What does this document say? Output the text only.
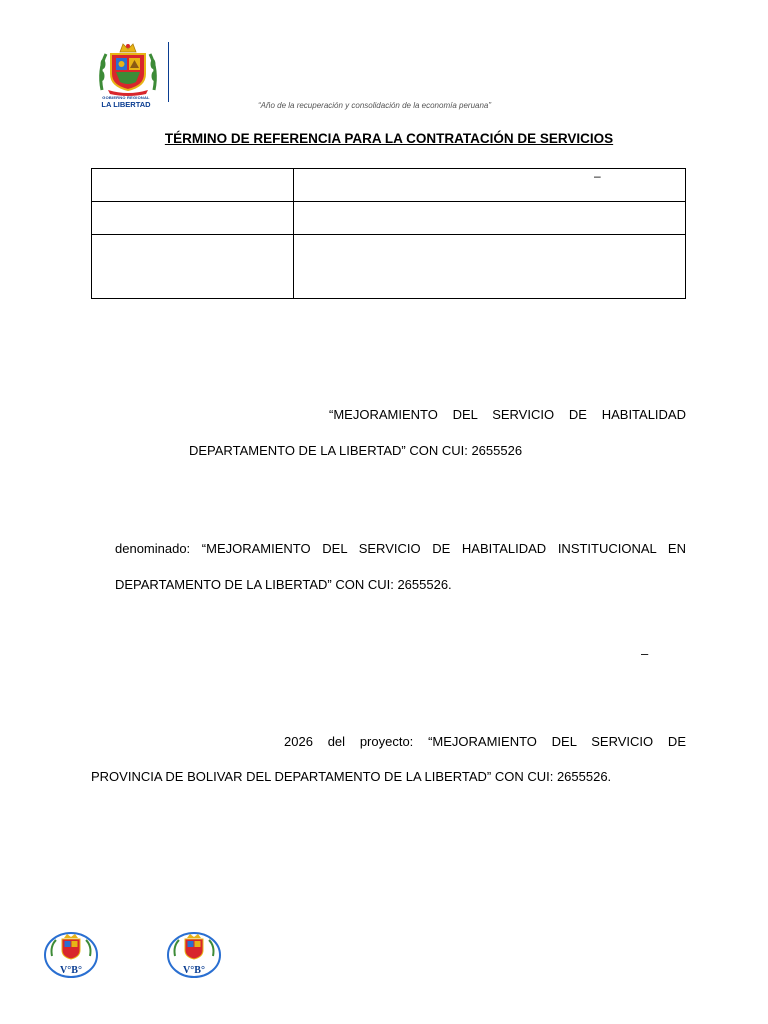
GOBIERNO REGIONAL
LA LIBERTAD	“Año de la recuperación y consolidación de la economía peruana”
TÉRMINO DE REFERENCIA PARA LA CONTRATACIÓN DE SERVICIOS

	–

“MEJORAMIENTO DEL SERVICIO DE HABITALIDAD
DEPARTAMENTO DE LA LIBERTAD” CON CUI: 2655526
denominado: “MEJORAMIENTO DEL SERVICIO DE HABITALIDAD INSTITUCIONAL EN
DEPARTAMENTO DE LA LIBERTAD” CON CUI: 2655526.
–
2026 del proyecto: “MEJORAMIENTO DEL SERVICIO DE
PROVINCIA DE BOLIVAR DEL DEPARTAMENTO DE LA LIBERTAD” CON CUI: 2655526.
V°B°	V°B°
